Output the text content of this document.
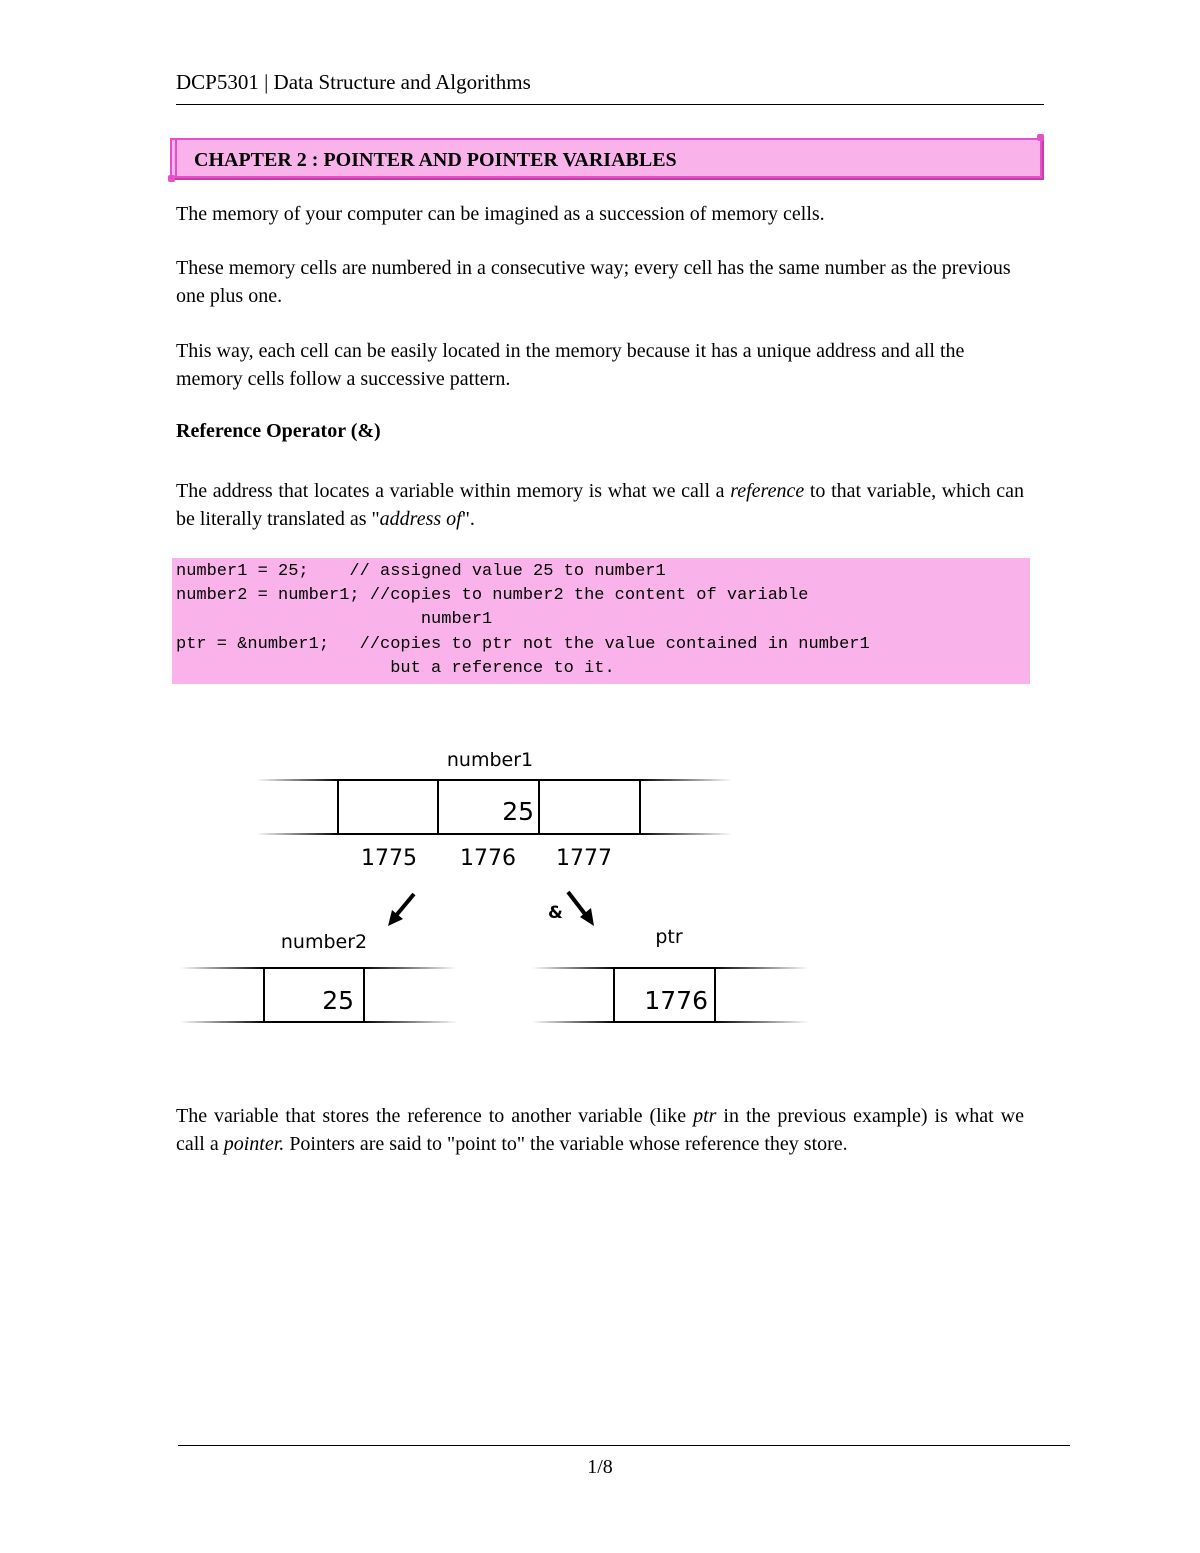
DCP5301 | Data Structure and Algorithms
CHAPTER 2 : POINTER AND POINTER VARIABLES
The memory of your computer can be imagined as a succession of memory cells.
These memory cells are numbered in a consecutive way; every cell has the same number as the previous one plus one.
This way, each cell can be easily located in the memory because it has a unique address and all the memory cells follow a successive pattern.
Reference Operator (&)
The address that locates a variable within memory is what we call a reference to that variable, which can be literally translated as "address of".
number1 = 25;    // assigned value 25 to number1
number2 = number1; //copies to number2 the content of variable
number1
ptr = &number1;   //copies to ptr not the value contained in number1
but a reference to it.
number1
25
1775 1776 1777
&
number2
25
ptr
1776
The variable that stores the reference to another variable (like ptr in the previous example) is what we call a pointer. Pointers are said to "point to" the variable whose reference they store.
1/8
